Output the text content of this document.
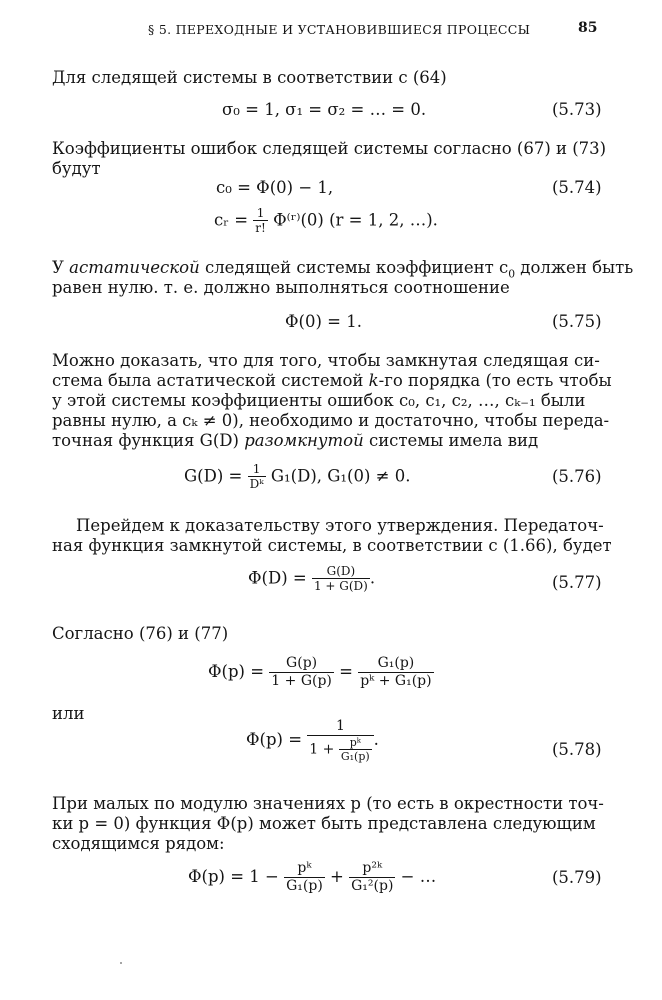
§ 5. ПЕРЕХОДНЫЕ И УСТАНОВИВШИЕСЯ ПРОЦЕССЫ	85
Для следящей системы в соответствии с (64)
σ₀ = 1, σ₁ = σ₂ = … = 0.	(5.73)
Коэффициенты ошибок следящей системы согласно (67) и (73)
будут
c₀ = Φ(0) − 1,	(5.74)
cᵣ = $\frac{1}{r!}$ Φ⁽ʳ⁾(0) (r = 1, 2, …).
У астатической следящей системы коэффициент $c_0$ должен быть
равен нулю. т. е. должно выполняться соотношение
Φ(0) = 1.	(5.75)
Можно доказать, что для того, чтобы замкнутая следящая си-
стема была астатической системой k-го порядка (то есть чтобы
у этой системы коэффициенты ошибок c₀, c₁, c₂, …, cₖ₋₁ были
равны нулю, а cₖ ≠ 0), необходимо и достаточно, чтобы переда-
точная функция G(D) разомкнутой системы имела вид
$G(D) = \frac{1}{\text{Dᵏ}} G_1(D)$, G₁(0) ≠ 0.	(5.76)
Перейдем к доказательству этого утверждения. Передаточ-
ная функция замкнутой системы, в соответствии с (1.66), будет
$\Phi(D) = \frac{G(D)}{1 + G(D)}$ .	(5.77)
Согласно (76) и (77)
$\Phi(p) = \frac{G(p)}{1 + G(p)} = \frac{\text{G₁(p)}}{\text{pᵏ + G₁(p)}}$
или
$\Phi(p) = \frac{1}{1 + \frac{\text{pᵏ}}{\text{G₁(p)}}}$ .
(5.78)
При малых по модулю значениях p (то есть в окрестности точ-
ки p = 0) функция Φ(p) может быть представлена следующим
сходящимся рядом:
$\Phi(p) = 1 - \frac{\text{pᵏ}}{\text{G₁(p)}} + \frac{\text{p²ᵏ}}{\text{G₁²(p)}}$ − …	(5.79)
